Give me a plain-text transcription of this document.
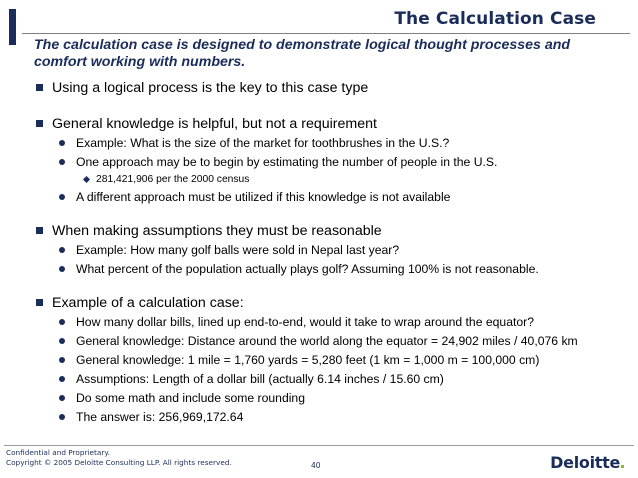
The Calculation Case
The calculation case is designed to demonstrate logical thought processes and comfort working with numbers.
Using a logical process is the key to this case type
General knowledge is helpful, but not a requirement
Example: What is the size of the market for toothbrushes in the U.S.?
One approach may be to begin by estimating the number of people in the U.S.
281,421,906 per the 2000 census
A different approach must be utilized if this knowledge is not available
When making assumptions they must be reasonable
Example: How many golf balls were sold in Nepal last year?
What percent of the population actually plays golf? Assuming 100% is not reasonable.
Example of a calculation case:
How many dollar bills, lined up end-to-end, would it take to wrap around the equator?
General knowledge: Distance around the world along the equator = 24,902 miles / 40,076 km
General knowledge: 1 mile = 1,760 yards = 5,280 feet (1 km = 1,000 m = 100,000 cm)
Assumptions: Length of a dollar bill (actually 6.14 inches / 15.60 cm)
Do some math and include some rounding
The answer is: 256,969,172.64
Confidential and Proprietary.
Copyright © 2005 Deloitte Consulting LLP. All rights reserved.	40	Deloitte
